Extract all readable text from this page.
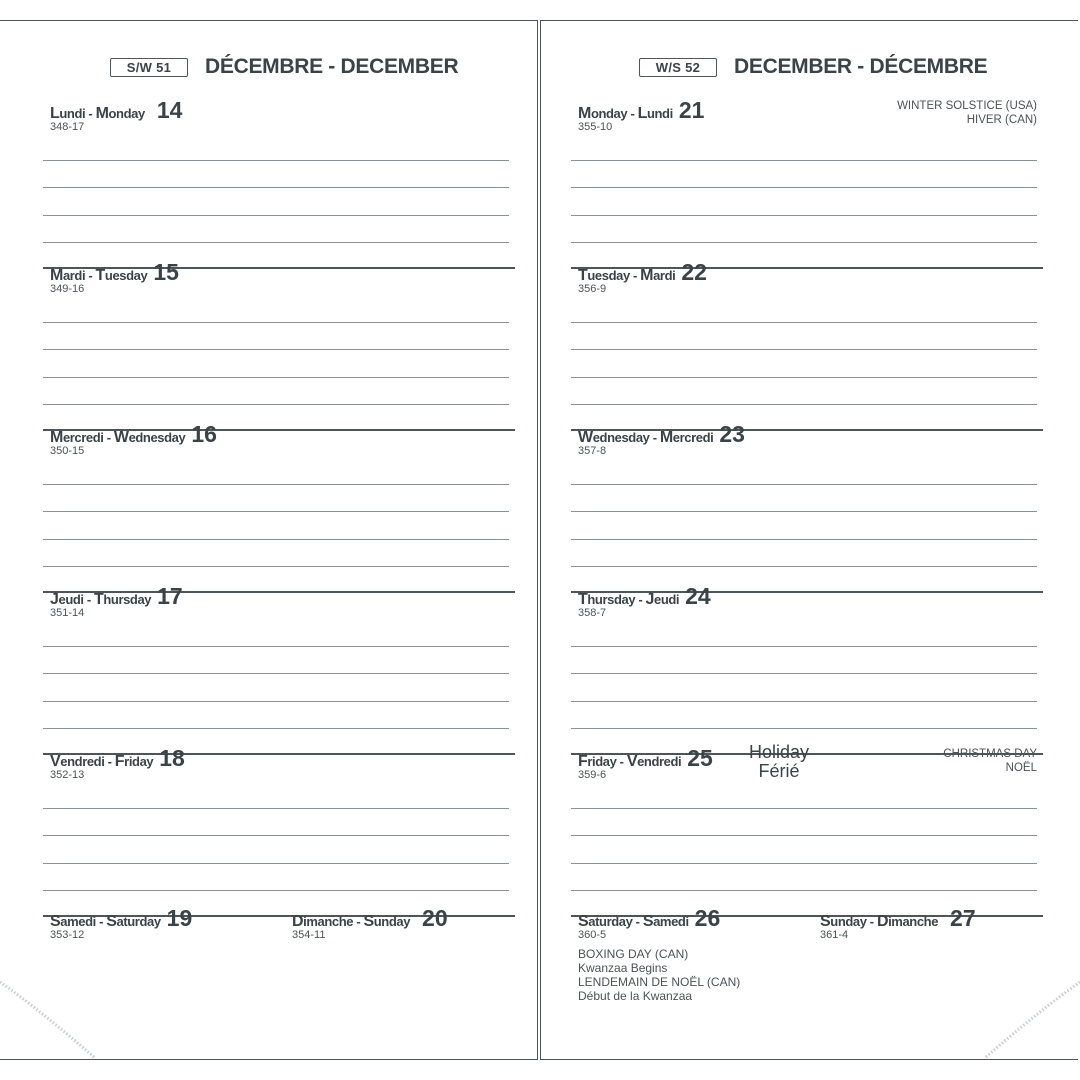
S/W 51	DÉCEMBRE - DECEMBER
Lundi - Monday 14
348-17
Mardi - Tuesday 15
349-16
Mercredi - Wednesday 16
350-15
Jeudi - Thursday 17
351-14
Vendredi - Friday 18
352-13
Samedi - Saturday 19
353-12
Dimanche - Sunday 20
354-11
W/S 52	DECEMBER - DÉCEMBRE
Monday - Lundi 21
355-10
WINTER SOLSTICE (USA)
HIVER (CAN)
Tuesday - Mardi 22
356-9
Wednesday - Mercredi 23
357-8
Thursday - Jeudi 24
358-7
Friday - Vendredi 25
359-6
Holiday
Férié
CHRISTMAS DAY
NOËL
Saturday - Samedi 26
360-5
BOXING DAY (CAN)
Kwanzaa Begins
LENDEMAIN DE NOËL (CAN)
Début de la Kwanzaa
Sunday - Dimanche 27
361-4
